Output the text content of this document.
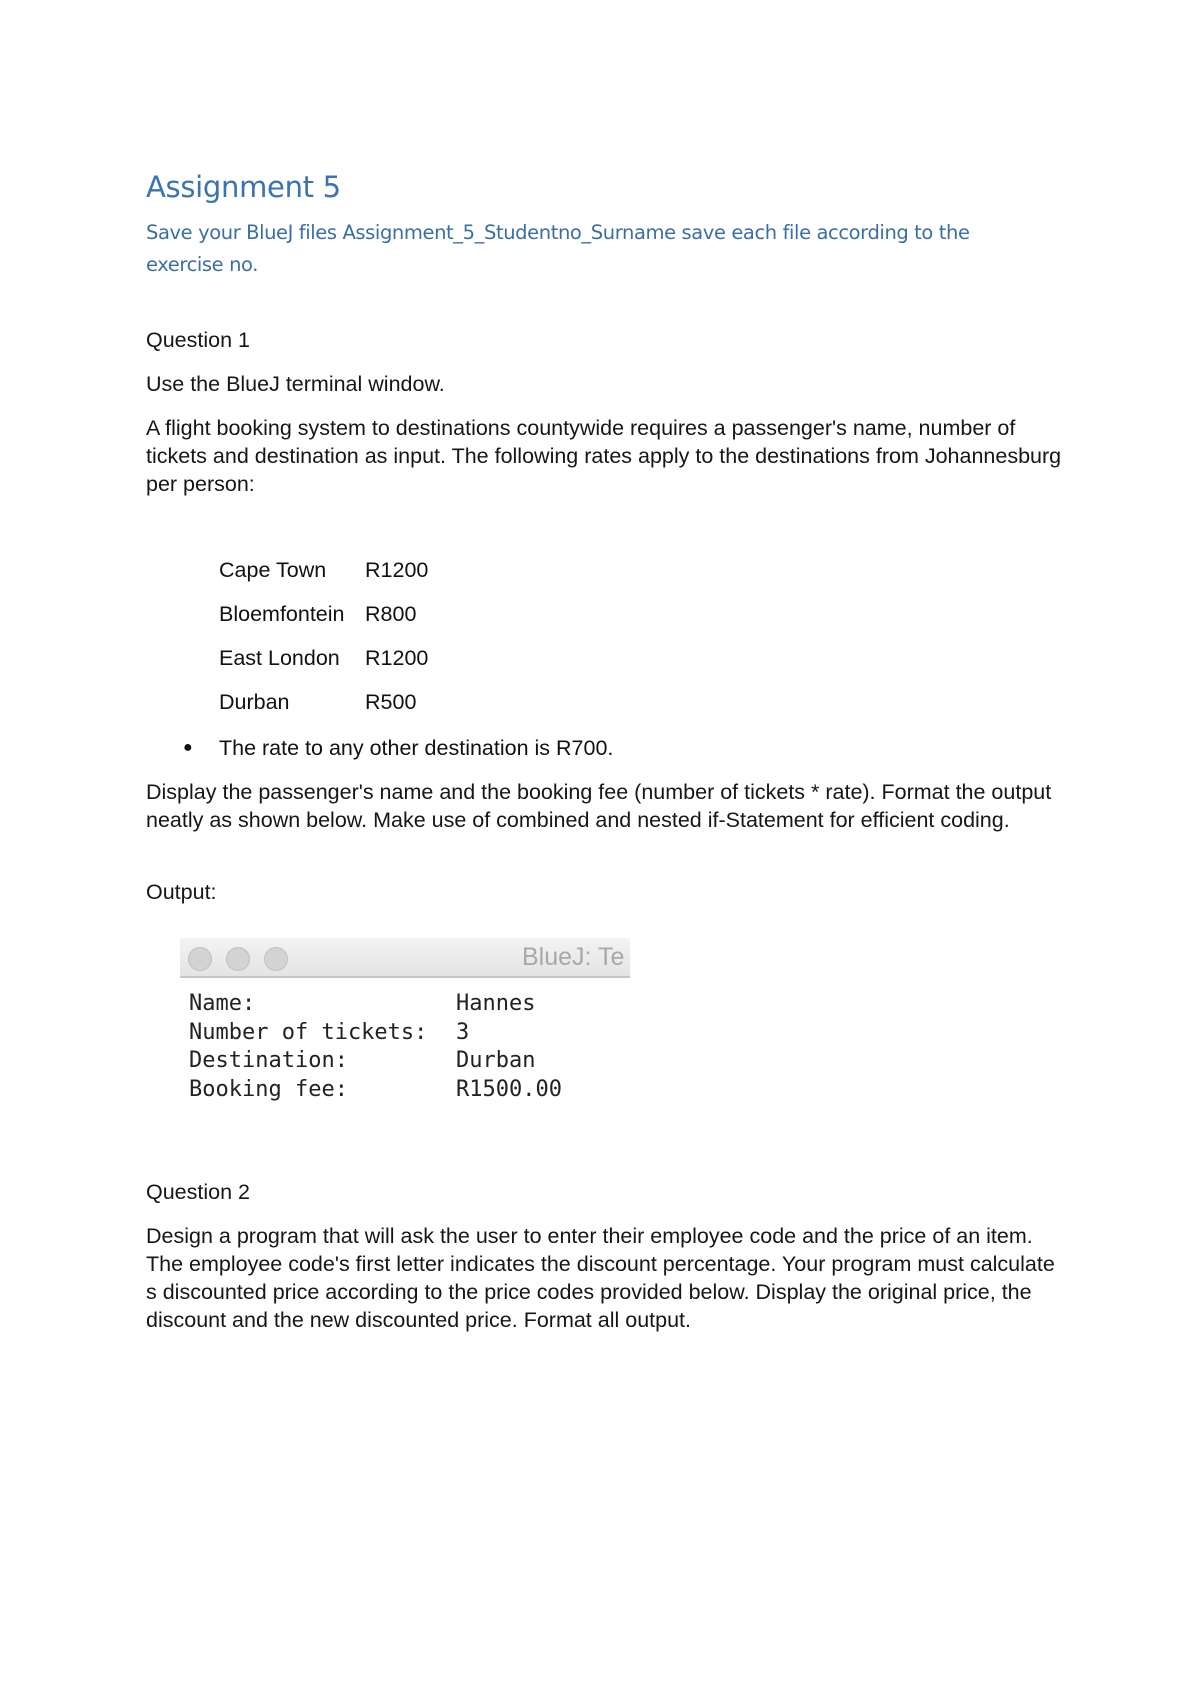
Assignment 5

Save your BlueJ files Assignment_5_Studentno_Surname save each file according to the exercise no.

Question 1

Use the BlueJ terminal window.

A flight booking system to destinations countywide requires a passenger's name, number of tickets and destination as input. The following rates apply to the destinations from Johannesburg per person:

Cape Town	R1200
Bloemfontein R800
East London	R1200
Durban	R500
●	The rate to any other destination is R700.

Display the passenger's name and the booking fee (number of tickets * rate). Format the output neatly as shown below. Make use of combined and nested if-Statement for efficient coding.

Output:

BlueJ: Te
Name:	Hannes
Number of tickets:	3
Destination:	Durban
Booking fee:	R1500.00

Question 2

Design a program that will ask the user to enter their employee code and the price of an item. The employee code's first letter indicates the discount percentage. Your program must calculate s discounted price according to the price codes provided below. Display the original price, the discount and the new discounted price. Format all output.
